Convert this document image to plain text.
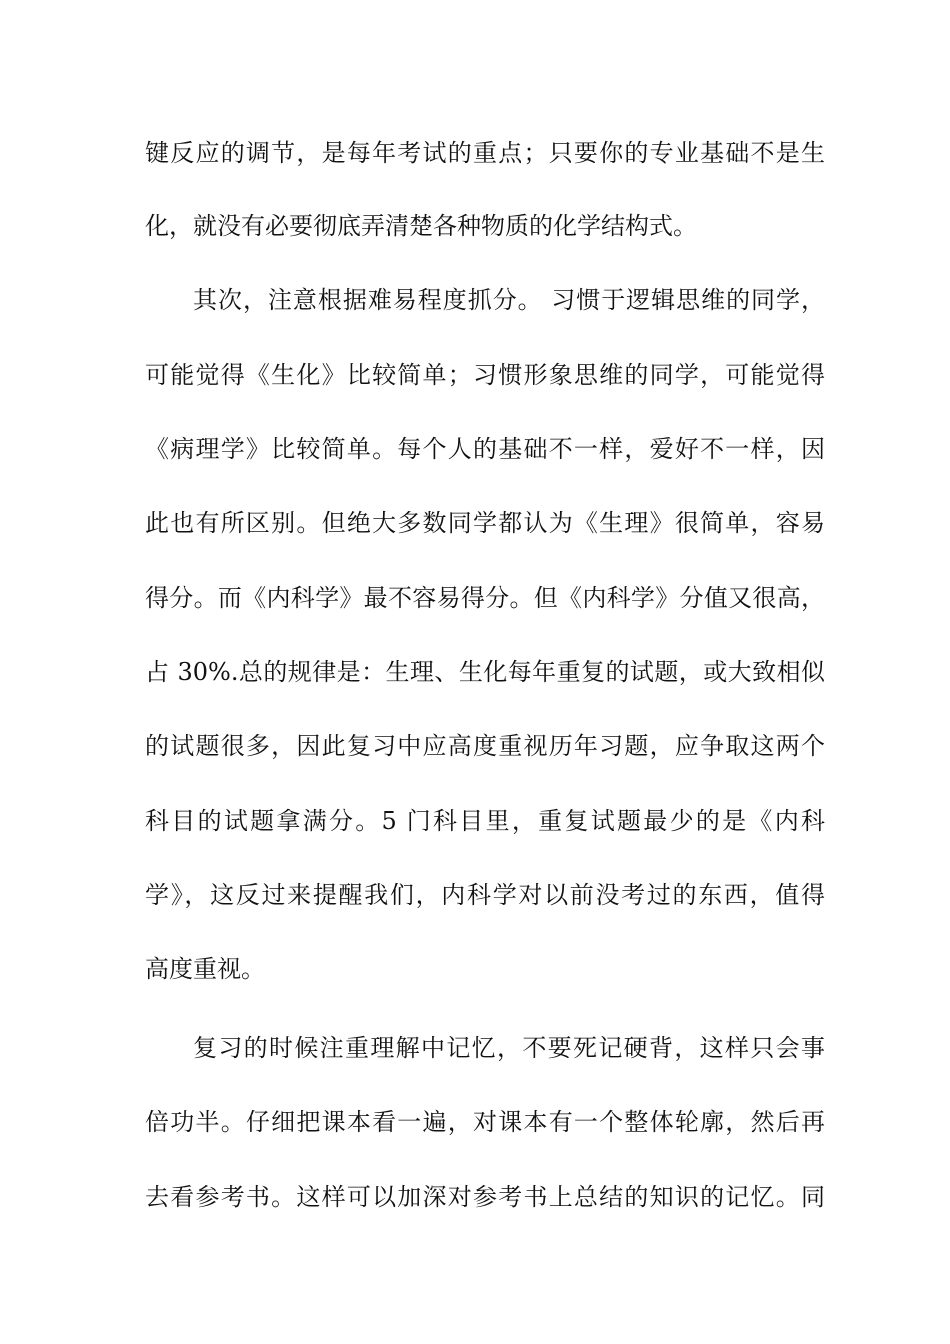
键反应的调节，是每年考试的重点；只要你的专业基础不是生
化，就没有必要彻底弄清楚各种物质的化学结构式。
其次，注意根据难易程度抓分。 习惯于逻辑思维的同学，
可能觉得《生化》比较简单；习惯形象思维的同学，可能觉得
《病理学》比较简单。每个人的基础不一样，爱好不一样，因
此也有所区别。但绝大多数同学都认为《生理》很简单，容易
得分。而《内科学》最不容易得分。但《内科学》分值又很高，
占 30%.总的规律是：生理、生化每年重复的试题，或大致相似
的试题很多，因此复习中应高度重视历年习题，应争取这两个
科目的试题拿满分。5 门科目里，重复试题最少的是《内科
学》，这反过来提醒我们，内科学对以前没考过的东西，值得
高度重视。
复习的时候注重理解中记忆，不要死记硬背，这样只会事
倍功半。仔细把课本看一遍，对课本有一个整体轮廓，然后再
去看参考书。这样可以加深对参考书上总结的知识的记忆。同
